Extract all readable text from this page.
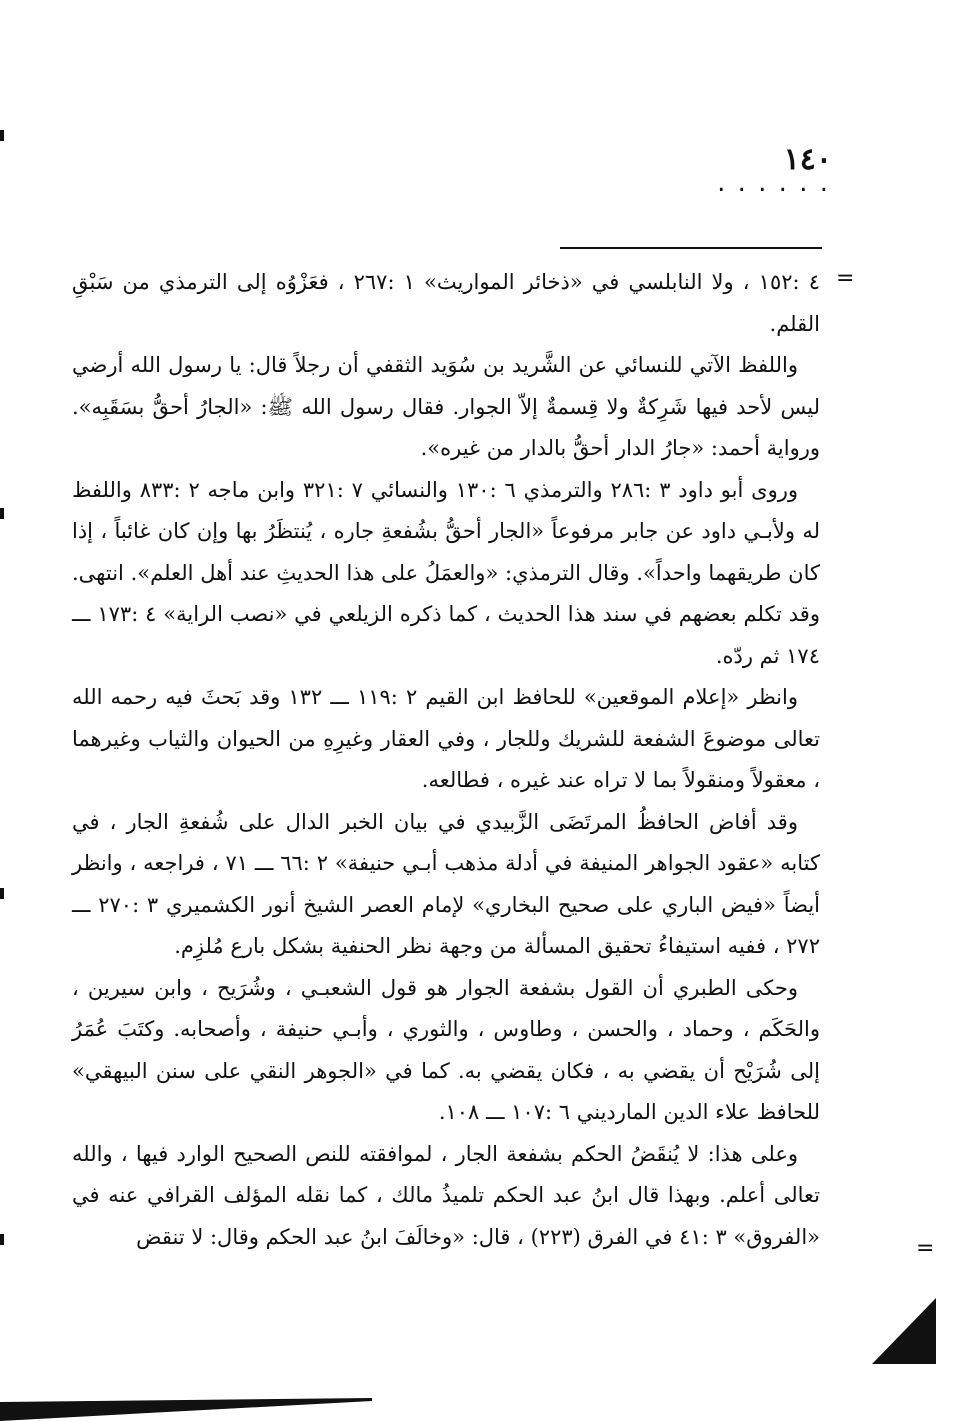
١٤٠
. . . . . .
=

٤ :١٥٢ ، ولا النابلسي في «ذخائر المواريث» ١ :٢٦٧ ، فعَزْوُه إلى الترمذي من سَبْقِ القلم.

واللفظ الآتي للنسائي عن الشَّريد بن سُوَيد الثقفي أن رجلاً قال: يا رسول الله أرضي ليس لأحد فيها شَرِكةٌ ولا قِسمةٌ إلاّ الجوار. فقال رسول الله ﷺ: «الجارُ أحقُّ بسَقَبِه». ورواية أحمد: «جارُ الدار أحقُّ بالدار من غيره».

وروى أبو داود ٣ :٢٨٦ والترمذي ٦ :١٣٠ والنسائي ٧ :٣٢١ وابن ماجه ٢ :٨٣٣ واللفظ له ولأبـي داود عن جابر مرفوعاً «الجار أحقُّ بشُفعةِ جاره ، يُنتظَرُ بها وإن كان غائباً ، إذا كان طريقهما واحداً». وقال الترمذي: «والعمَلُ على هذا الحديثِ عند أهل العلم». انتهى. وقد تكلم بعضهم في سند هذا الحديث ، كما ذكره الزيلعي في «نصب الراية» ٤ :١٧٣ ـــ ١٧٤ ثم ردّه.

وانظر «إعلام الموقعين» للحافظ ابن القيم ٢ :١١٩ ـــ ١٣٢ وقد بَحثَ فيه رحمه الله تعالى موضوعَ الشفعة للشريك وللجار ، وفي العقار وغيرِهِ من الحيوان والثياب وغيرهما ، معقولاً ومنقولاً بما لا تراه عند غيره ، فطالعه.

وقد أفاض الحافظُ المرتَضَى الزَّبيدي في بيان الخبر الدال على شُفعةِ الجار ، في كتابه «عقود الجواهر المنيفة في أدلة مذهب أبـي حنيفة» ٢ :٦٦ ـــ ٧١ ، فراجعه ، وانظر أيضاً «فيض الباري على صحيح البخاري» لإمام العصر الشيخ أنور الكشميري ٣ :٢٧٠ ـــ ٢٧٢ ، ففيه استيفاءُ تحقيق المسألة من وجهة نظر الحنفية بشكل بارع مُلزِم.

وحكى الطبري أن القول بشفعة الجوار هو قول الشعبـي ، وشُرَيح ، وابن سيرين ، والحَكَم ، وحماد ، والحسن ، وطاوس ، والثوري ، وأبـي حنيفة ، وأصحابه. وكتَبَ عُمَرُ إلى شُرَيْح أن يقضي به ، فكان يقضي به. كما في «الجوهر النقي على سنن البيهقي» للحافظ علاء الدين المارديني ٦ :١٠٧ ـــ ١٠٨.

وعلى هذا: لا يُنقَضُ الحكم بشفعة الجار ، لموافقته للنص الصحيح الوارد فيها ، والله تعالى أعلم. وبهذا قال ابنُ عبد الحكم تلميذُ مالك ، كما نقله المؤلف القرافي عنه في «الفروق» ٣ :٤١ في الفرق (٢٢٣) ، قال: «وخالَفَ ابنُ عبد الحكم وقال: لا تنقض	=
